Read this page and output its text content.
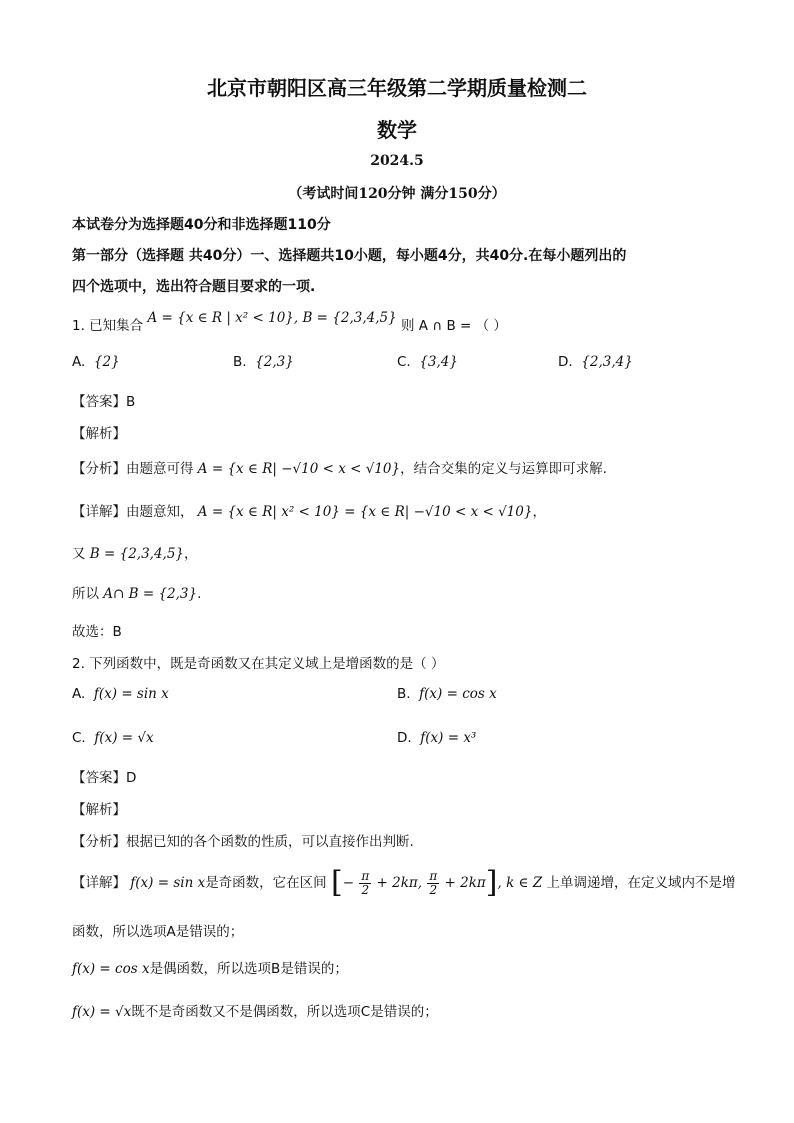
北京市朝阳区高三年级第二学期质量检测二
数学
2024.5
（考试时间120分钟 满分150分）
本试卷分为选择题40分和非选择题110分
第一部分（选择题 共40分）一、选择题共10小题，每小题4分，共40分.在每小题列出的
四个选项中，选出符合题目要求的一项.
1. 已知集合 A = {x ∈ R | x² < 10}, B = {2,3,4,5} 则 A ∩ B = （ ）
A. {2}	B. {2,3}	C. {3,4}	D. {2,3,4}
【答案】B
【解析】
【分析】由题意可得 A = {x ∈ R| −√10 < x < √10}，结合交集的定义与运算即可求解.
【详解】由题意知， A = {x ∈ R| x² < 10} = {x ∈ R| −√10 < x < √10}，
又 B = {2,3,4,5}，
所以 A∩ B = {2,3}.
故选：B
2. 下列函数中，既是奇函数又在其定义域上是增函数的是（ ）
A. f(x) = sin x	B. f(x) = cos x
C. f(x) = √x	D. f(x) = x³
【答案】D
【解析】
【分析】根据已知的各个函数的性质，可以直接作出判断.
【详解】 f(x) = sin x是奇函数，它在区间 [− $\frac{\pi}{2} + 2k\pi$, $\frac{\pi}{2} + 2k\pi$], k ∈ Z 上单调递增，在定义域内不是增
函数，所以选项A是错误的；
f(x) = cos x是偶函数，所以选项B是错误的；
f(x) = √x既不是奇函数又不是偶函数，所以选项C是错误的；
